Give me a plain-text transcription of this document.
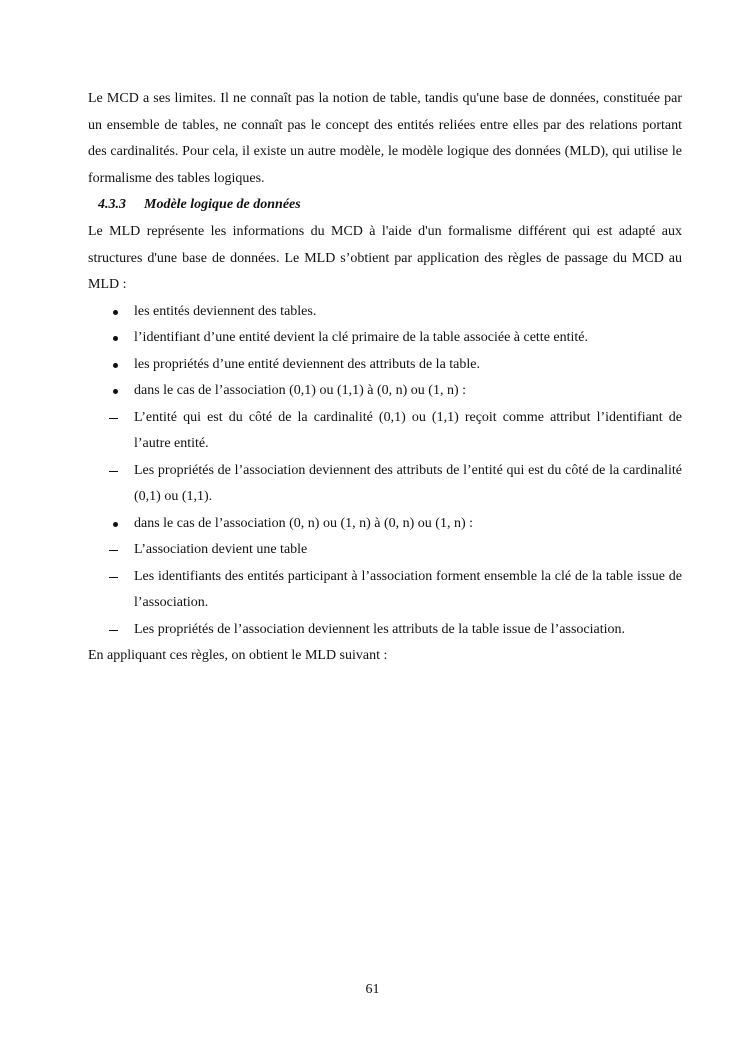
Le MCD a ses limites. Il ne connaît pas la notion de table, tandis qu'une base de données, constituée par un ensemble de tables, ne connaît pas le concept des entités reliées entre elles par des relations portant des cardinalités. Pour cela, il existe un autre modèle, le modèle logique des données (MLD), qui utilise le formalisme des tables logiques.

4.3.3 Modèle logique de données

Le MLD représente les informations du MCD à l'aide d'un formalisme différent qui est adapté aux structures d'une base de données. Le MLD s’obtient par application des règles de passage du MCD au MLD :

les entités deviennent des tables.
l’identifiant d’une entité devient la clé primaire de la table associée à cette entité.
les propriétés d’une entité deviennent des attributs de la table.
dans le cas de l’association (0,1) ou (1,1) à (0, n) ou (1, n) :
L’entité qui est du côté de la cardinalité (0,1) ou (1,1) reçoit comme attribut l’identifiant de l’autre entité.
Les propriétés de l’association deviennent des attributs de l’entité qui est du côté de la cardinalité (0,1) ou (1,1).
dans le cas de l’association (0, n) ou (1, n) à (0, n) ou (1, n) :
L’association devient une table
Les identifiants des entités participant à l’association forment ensemble la clé de la table issue de l’association.
Les propriétés de l’association deviennent les attributs de la table issue de l’association.

En appliquant ces règles, on obtient le MLD suivant :

61
